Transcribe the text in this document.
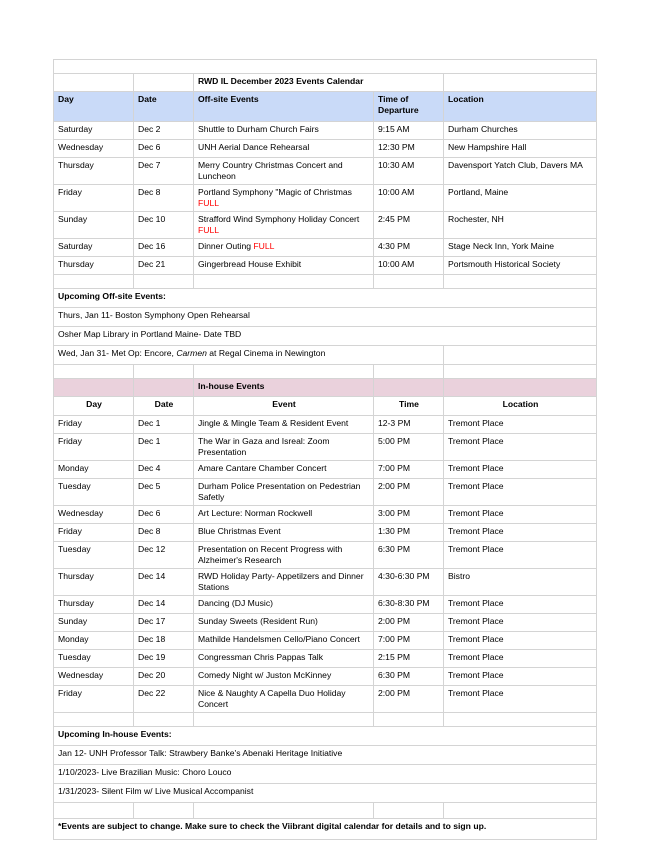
		RWD IL December 2023 Events Calendar		
Day	Date	Off-site Events	Time of Departure	Location
Saturday	Dec 2	Shuttle to Durham Church Fairs	9:15 AM	Durham Churches
Wednesday	Dec 6	UNH Aerial Dance Rehearsal	12:30 PM	New Hampshire Hall
Thursday	Dec 7	Merry Country Christmas Concert and Luncheon	10:30 AM	Davensport Yatch Club, Davers MA
Friday	Dec 8	Portland Symphony "Magic of Christmas FULL	10:00 AM	Portland, Maine
Sunday	Dec 10	Strafford Wind Symphony Holiday Concert FULL	2:45 PM	Rochester, NH
Saturday	Dec 16	Dinner Outing FULL	4:30 PM	Stage Neck Inn, York Maine
Thursday	Dec 21	Gingerbread House Exhibit	10:00 AM	Portsmouth Historical Society

Upcoming Off-site Events:				
Thurs, Jan 11- Boston Symphony Open Rehearsal				
Osher Map Library in Portland Maine- Date TBD				
Wed, Jan 31- Met Op: Encore, Carmen at Regal Cinema in Newington				

		In-house Events		
Day	Date	Event	Time	Location
Friday	Dec 1	Jingle & Mingle Team & Resident Event	12-3 PM	Tremont Place
Friday	Dec 1	The War in Gaza and Isreal: Zoom Presentation	5:00 PM	Tremont Place
Monday	Dec 4	Amare Cantare Chamber Concert	7:00 PM	Tremont Place
Tuesday	Dec 5	Durham Police Presentation on Pedestrian Safetly	2:00 PM	Tremont Place
Wednesday	Dec 6	Art Lecture: Norman Rockwell	3:00 PM	Tremont Place
Friday	Dec 8	Blue Christmas Event	1:30 PM	Tremont Place
Tuesday	Dec 12	Presentation on Recent Progress with Alzheimer's Research	6:30 PM	Tremont Place
Thursday	Dec 14	RWD Holiday Party- Appetilzers and Dinner Stations	4:30-6:30 PM	Bistro
Thursday	Dec 14	Dancing (DJ Music)	6:30-8:30 PM	Tremont Place
Sunday	Dec 17	Sunday Sweets (Resident Run)	2:00 PM	Tremont Place
Monday	Dec 18	Mathilde Handelsmen Cello/Piano Concert	7:00 PM	Tremont Place
Tuesday	Dec 19	Congressman Chris Pappas Talk	2:15 PM	Tremont Place
Wednesday	Dec 20	Comedy Night w/ Juston McKinney	6:30 PM	Tremont Place
Friday	Dec 22	Nice & Naughty A Capella Duo Holiday Concert	2:00 PM	Tremont Place

Upcoming In-house Events:				
Jan 12- UNH Professor Talk: Strawbery Banke's Abenaki Heritage Initiative				
1/10/2023- Live Brazilian Music: Choro Louco				
1/31/2023- Silent Film w/ Live Musical Accompanist				

*Events are subject to change. Make sure to check the Viibrant digital calendar for details and to sign up.				
